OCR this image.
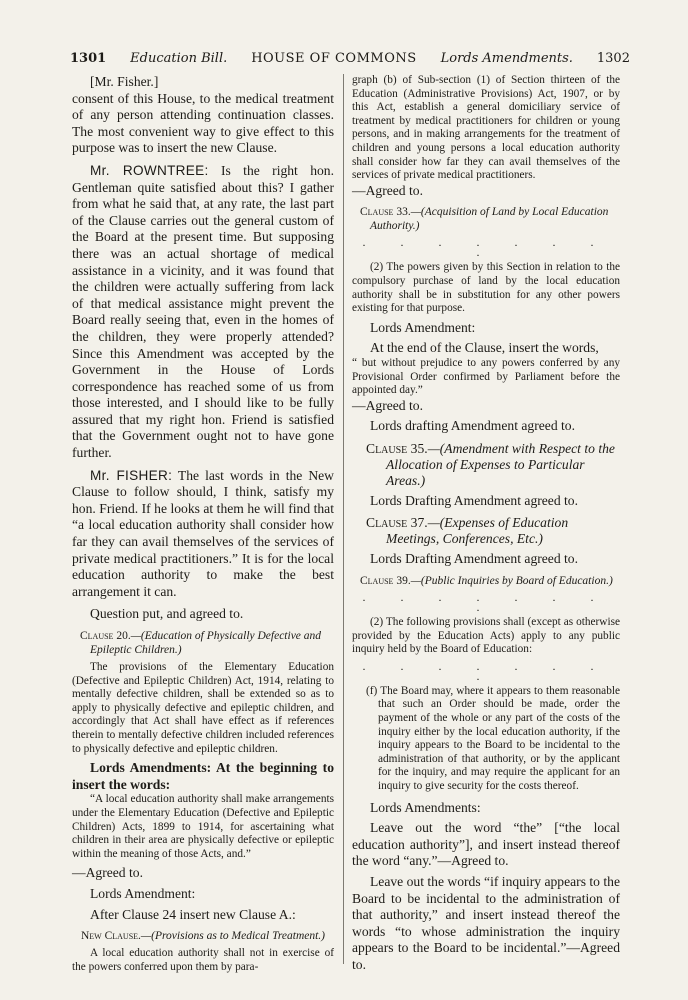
1301 Education Bill. HOUSE OF COMMONS Lords Amendments. 1302

[Mr. Fisher.]

consent of this House, to the medical treatment of any person attending continuation classes. The most convenient way to give effect to this purpose was to insert the new Clause.

Mr. ROWNTREE: Is the right hon. Gentleman quite satisfied about this? I gather from what he said that, at any rate, the last part of the Clause carries out the general custom of the Board at the present time. But supposing there was an actual shortage of medical assistance in a vicinity, and it was found that the children were actually suffering from lack of that medical assistance might prevent the Board really seeing that, even in the homes of the children, they were properly attended? Since this Amendment was accepted by the Government in the House of Lords correspondence has reached some of us from those interested, and I should like to be fully assured that my right hon. Friend is satisfied that the Government ought not to have gone further.

Mr. FISHER: The last words in the New Clause to follow should, I think, satisfy my hon. Friend. If he looks at them he will find that “a local education authority shall consider how far they can avail themselves of the services of private medical practitioners.” It is for the local education authority to make the best arrangement it can.

Question put, and agreed to.

Clause 20.—(Education of Physically Defective and Epileptic Children.)

The provisions of the Elementary Education (Defective and Epileptic Children) Act, 1914, relating to mentally defective children, shall be extended so as to apply to physically defective and epileptic children, and accordingly that Act shall have effect as if references therein to mentally defective children included references to physically defective and epileptic children.

Lords Amendments: At the beginning to insert the words:

“A local education authority shall make arrangements under the Elementary Education (Defective and Epileptic Children) Acts, 1899 to 1914, for ascertaining what children in their area are physically defective or epileptic within the meaning of those Acts, and.”

—Agreed to.

Lords Amendment:

After Clause 24 insert new Clause A.:

New Clause.—(Provisions as to Medical Treatment.)

A local education authority shall not in exercise of the powers conferred upon them by para-

graph (b) of Sub-section (1) of Section thirteen of the Education (Administrative Provisions) Act, 1907, or by this Act, establish a general domiciliary service of treatment by medical practitioners for children or young persons, and in making arrangements for the treatment of children and young persons a local education authority shall consider how far they can avail themselves of the services of private medical practitioners.

—Agreed to.

Clause 33.—(Acquisition of Land by Local Education Authority.)

. . . . . . . .

(2) The powers given by this Section in relation to the compulsory purchase of land by the local education authority shall be in substitution for any other powers existing for that purpose.

Lords Amendment:

At the end of the Clause, insert the words,

“ but without prejudice to any powers conferred by any Provisional Order confirmed by Parliament before the appointed day.”

—Agreed to.

Lords drafting Amendment agreed to.

Clause 35.—(Amendment with Respect to the Allocation of Expenses to Particular Areas.)

Lords Drafting Amendment agreed to.

Clause 37.—(Expenses of Education Meetings, Conferences, Etc.)

Lords Drafting Amendment agreed to.

Clause 39.—(Public Inquiries by Board of Education.)

. . . . . . . .

(2) The following provisions shall (except as otherwise provided by the Education Acts) apply to any public inquiry held by the Board of Education:

. . . . . . . .

(f) The Board may, where it appears to them reasonable that such an Order should be made, order the payment of the whole or any part of the costs of the inquiry either by the local education authority, if the inquiry appears to the Board to be incidental to the administration of that authority, or by the applicant for the inquiry, and may require the applicant for an inquiry to give security for the costs thereof.

Lords Amendments:

Leave out the word “the” [“the local education authority”], and insert instead thereof the word “any.”—Agreed to.

Leave out the words “if inquiry appears to the Board to be incidental to the administration of that authority,” and insert instead thereof the words “to whose administration the inquiry appears to the Board to be incidental.”—Agreed to.
